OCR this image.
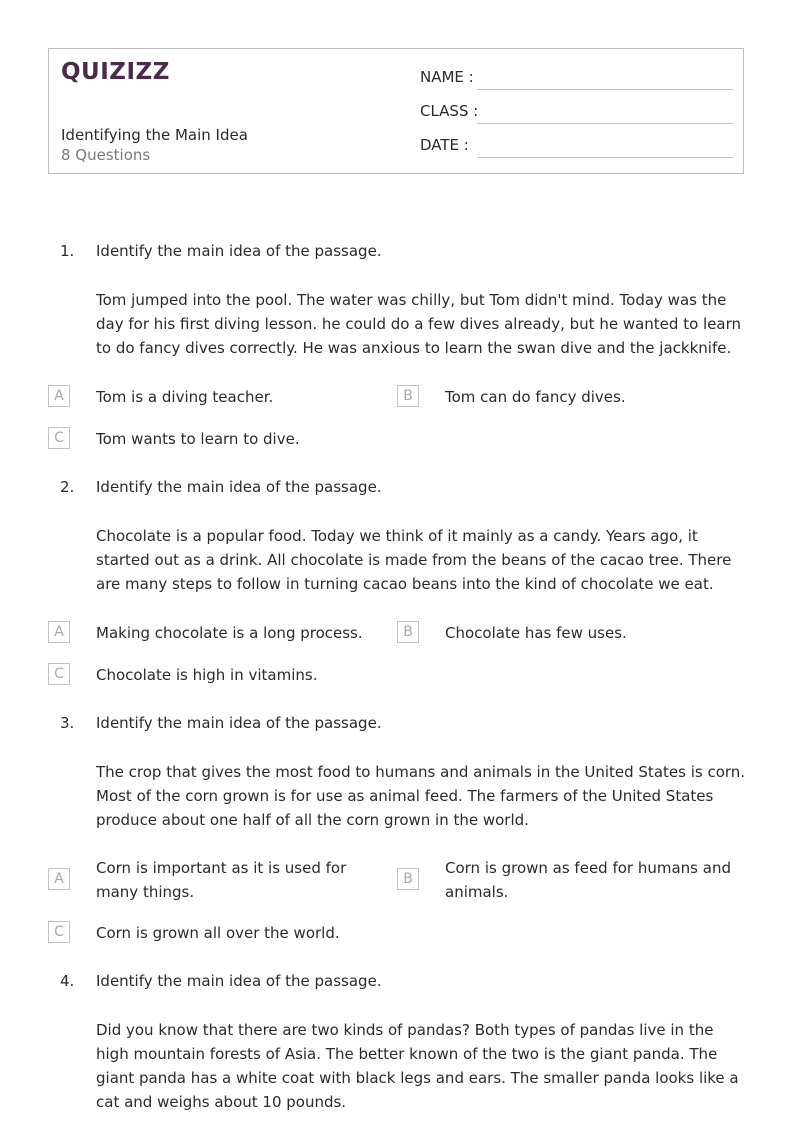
QUIZIZZ
Identifying the Main Idea
8 Questions
NAME :
CLASS :
DATE :
1. Identify the main idea of the passage.
Tom jumped into the pool. The water was chilly, but Tom didn't mind. Today was the day for his first diving lesson. he could do a few dives already, but he wanted to learn to do fancy dives correctly. He was anxious to learn the swan dive and the jackknife.
A	Tom is a diving teacher.	B	Tom can do fancy dives.
C	Tom wants to learn to dive.
2. Identify the main idea of the passage.
Chocolate is a popular food. Today we think of it mainly as a candy. Years ago, it started out as a drink. All chocolate is made from the beans of the cacao tree. There are many steps to follow in turning cacao beans into the kind of chocolate we eat.
A	Making chocolate is a long process.	B	Chocolate has few uses.
C	Chocolate is high in vitamins.
3. Identify the main idea of the passage.
The crop that gives the most food to humans and animals in the United States is corn. Most of the corn grown is for use as animal feed. The farmers of the United States produce about one half of all the corn grown in the world.
A
Corn is important as it is used for many things.
B
Corn is grown as feed for humans and animals.
C	Corn is grown all over the world.
4. Identify the main idea of the passage.
Did you know that there are two kinds of pandas? Both types of pandas live in the high mountain forests of Asia. The better known of the two is the giant panda. The giant panda has a white coat with black legs and ears. The smaller panda looks like a cat and weighs about 10 pounds.
